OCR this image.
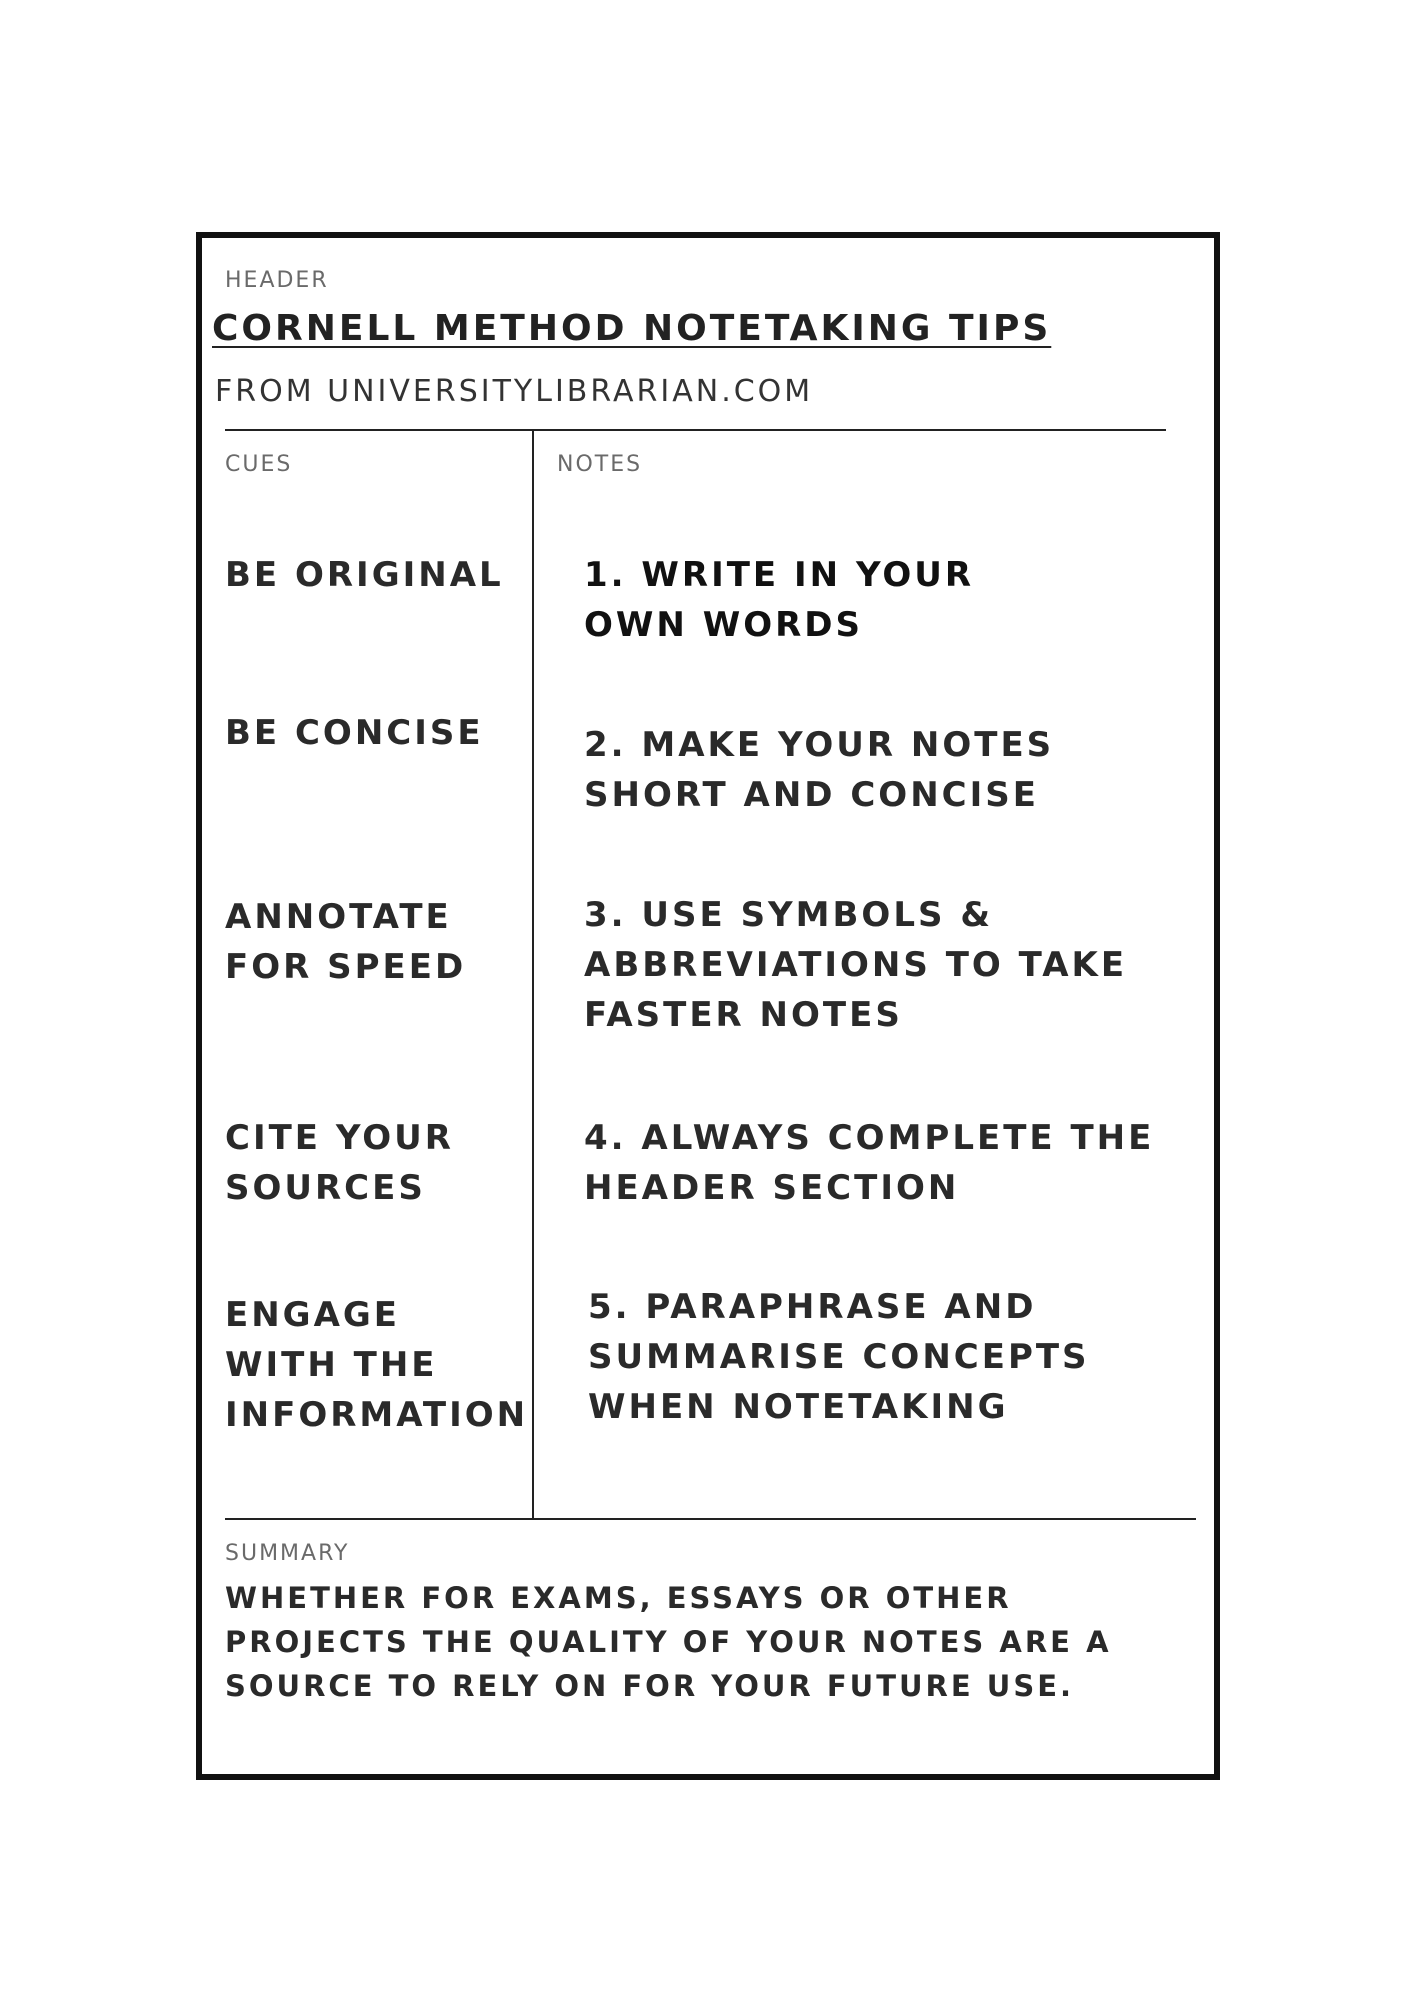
HEADER
CORNELL METHOD NOTETAKING TIPS
FROM UNIVERSITYLIBRARIAN.COM
CUES	NOTES
BE ORIGINAL
BE CONCISE
ANNOTATE FOR SPEED
CITE YOUR SOURCES
ENGAGE WITH THE INFORMATION
1. WRITE IN YOUR OWN WORDS
2. MAKE YOUR NOTES SHORT AND CONCISE
3. USE SYMBOLS & ABBREVIATIONS TO TAKE FASTER NOTES
4. ALWAYS COMPLETE THE HEADER SECTION
5. PARAPHRASE AND SUMMARISE CONCEPTS WHEN NOTETAKING
SUMMARY
WHETHER FOR EXAMS, ESSAYS OR OTHER PROJECTS THE QUALITY OF YOUR NOTES ARE A SOURCE TO RELY ON FOR YOUR FUTURE USE.
